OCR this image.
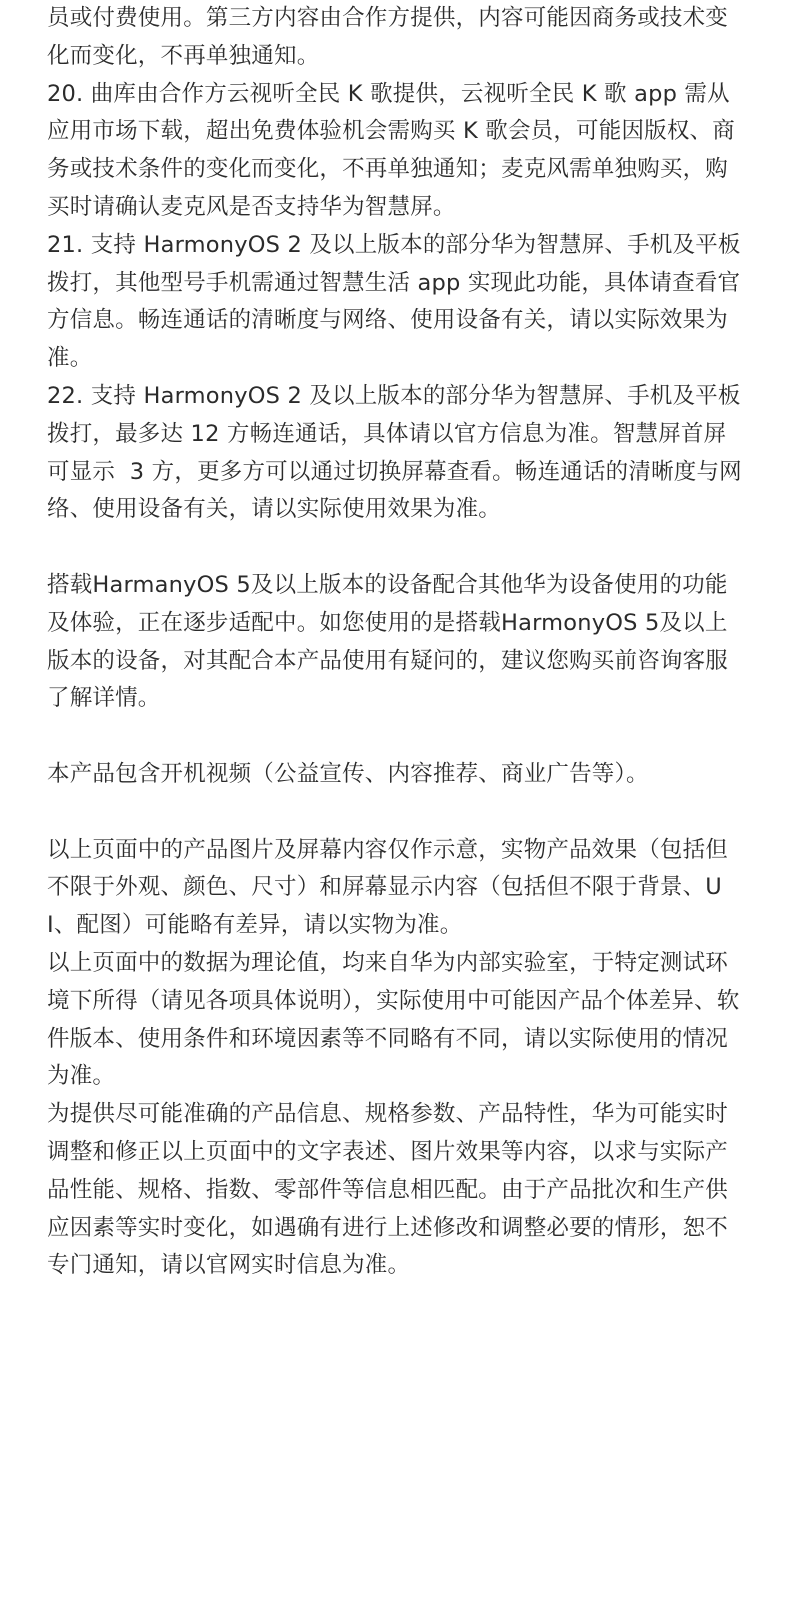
员或付费使用。第三方内容由合作方提供，内容可能因商务或技术变化而变化，不再单独通知。

20. 曲库由合作方云视听全民 K 歌提供，云视听全民 K 歌 app 需从应用市场下载，超出免费体验机会需购买 K 歌会员，可能因版权、商务或技术条件的变化而变化，不再单独通知；麦克风需单独购买，购买时请确认麦克风是否支持华为智慧屏。

21. 支持 HarmonyOS 2 及以上版本的部分华为智慧屏、手机及平板拨打，其他型号手机需通过智慧生活 app 实现此功能，具体请查看官方信息。畅连通话的清晰度与网络、使用设备有关，请以实际效果为准。

22. 支持 HarmonyOS 2 及以上版本的部分华为智慧屏、手机及平板拨打，最多达 12 方畅连通话，具体请以官方信息为准。智慧屏首屏可显示  3 方，更多方可以通过切换屏幕查看。畅连通话的清晰度与网络、使用设备有关，请以实际使用效果为准。

搭载HarmanyOS 5及以上版本的设备配合其他华为设备使用的功能及体验，正在逐步适配中。如您使用的是搭载HarmonyOS 5及以上版本的设备，对其配合本产品使用有疑问的，建议您购买前咨询客服了解详情。

本产品包含开机视频（公益宣传、内容推荐、商业广告等）。

以上页面中的产品图片及屏幕内容仅作示意，实物产品效果（包括但不限于外观、颜色、尺寸）和屏幕显示内容（包括但不限于背景、UI、配图）可能略有差异，请以实物为准。

以上页面中的数据为理论值，均来自华为内部实验室，于特定测试环境下所得（请见各项具体说明），实际使用中可能因产品个体差异、软件版本、使用条件和环境因素等不同略有不同，请以实际使用的情况为准。

为提供尽可能准确的产品信息、规格参数、产品特性，华为可能实时调整和修正以上页面中的文字表述、图片效果等内容，以求与实际产品性能、规格、指数、零部件等信息相匹配。由于产品批次和生产供应因素等实时变化，如遇确有进行上述修改和调整必要的情形，恕不专门通知，请以官网实时信息为准。
